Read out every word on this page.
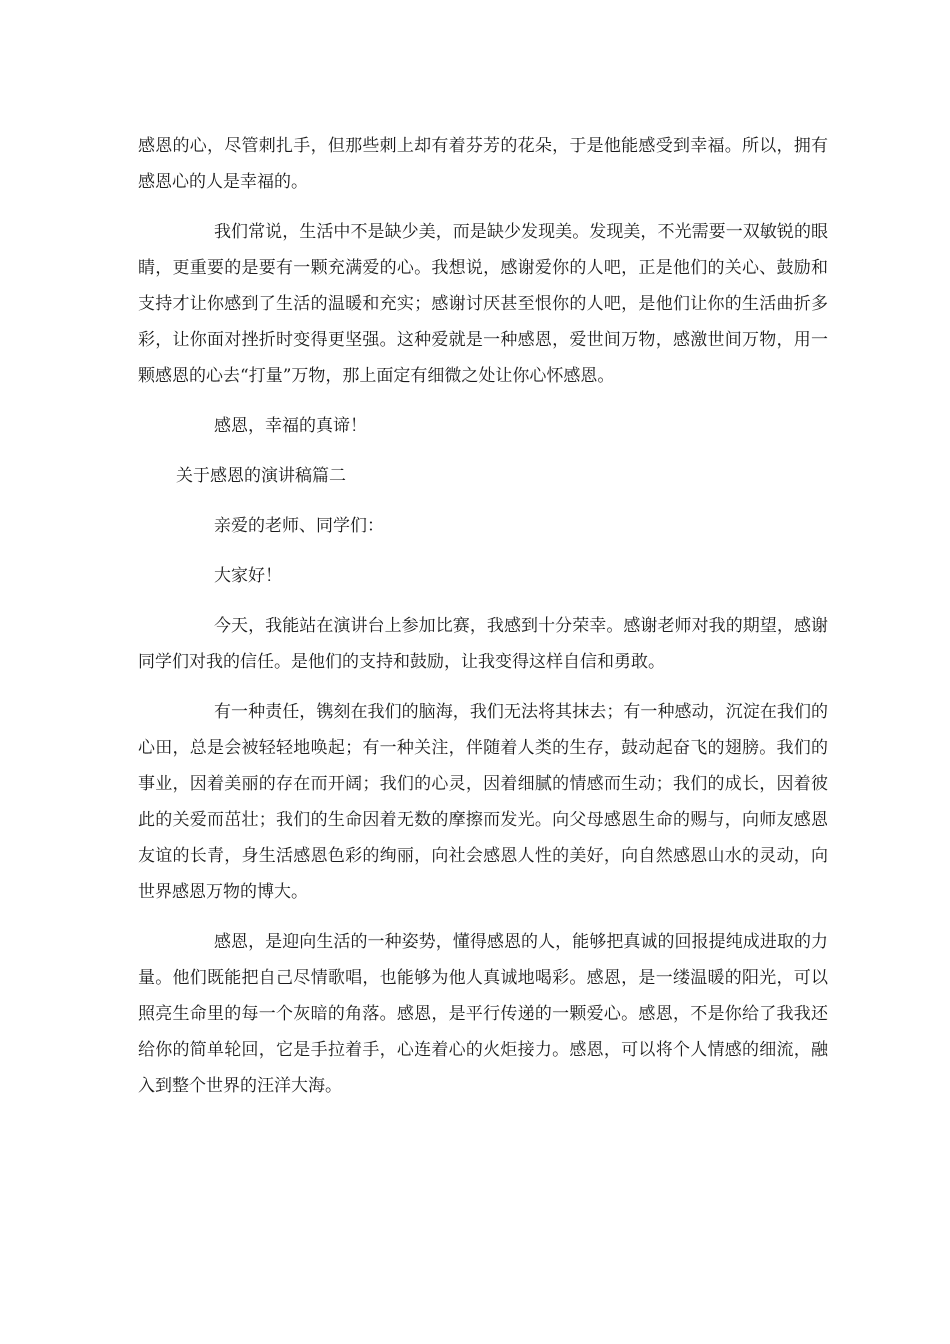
感恩的心，尽管刺扎手，但那些刺上却有着芬芳的花朵，于是他能感受到幸福。所以，拥有感恩心的人是幸福的。

我们常说，生活中不是缺少美，而是缺少发现美。发现美，不光需要一双敏锐的眼睛，更重要的是要有一颗充满爱的心。我想说，感谢爱你的人吧，正是他们的关心、鼓励和支持才让你感到了生活的温暖和充实；感谢讨厌甚至恨你的人吧，是他们让你的生活曲折多彩，让你面对挫折时变得更坚强。这种爱就是一种感恩，爱世间万物，感激世间万物，用一颗感恩的心去“打量”万物，那上面定有细微之处让你心怀感恩。

感恩，幸福的真谛！

关于感恩的演讲稿篇二

亲爱的老师、同学们：

大家好！

今天，我能站在演讲台上参加比赛，我感到十分荣幸。感谢老师对我的期望，感谢同学们对我的信任。是他们的支持和鼓励，让我变得这样自信和勇敢。

有一种责任，镌刻在我们的脑海，我们无法将其抹去；有一种感动，沉淀在我们的心田，总是会被轻轻地唤起；有一种关注，伴随着人类的生存，鼓动起奋飞的翅膀。我们的事业，因着美丽的存在而开阔；我们的心灵，因着细腻的情感而生动；我们的成长，因着彼此的关爱而茁壮；我们的生命因着无数的摩擦而发光。向父母感恩生命的赐与，向师友感恩友谊的长青，身生活感恩色彩的绚丽，向社会感恩人性的美好，向自然感恩山水的灵动，向世界感恩万物的博大。

感恩，是迎向生活的一种姿势，懂得感恩的人，能够把真诚的回报提纯成进取的力量。他们既能把自己尽情歌唱，也能够为他人真诚地喝彩。感恩，是一缕温暖的阳光，可以照亮生命里的每一个灰暗的角落。感恩，是平行传递的一颗爱心。感恩，不是你给了我我还给你的简单轮回，它是手拉着手，心连着心的火炬接力。感恩，可以将个人情感的细流，融入到整个世界的汪洋大海。
